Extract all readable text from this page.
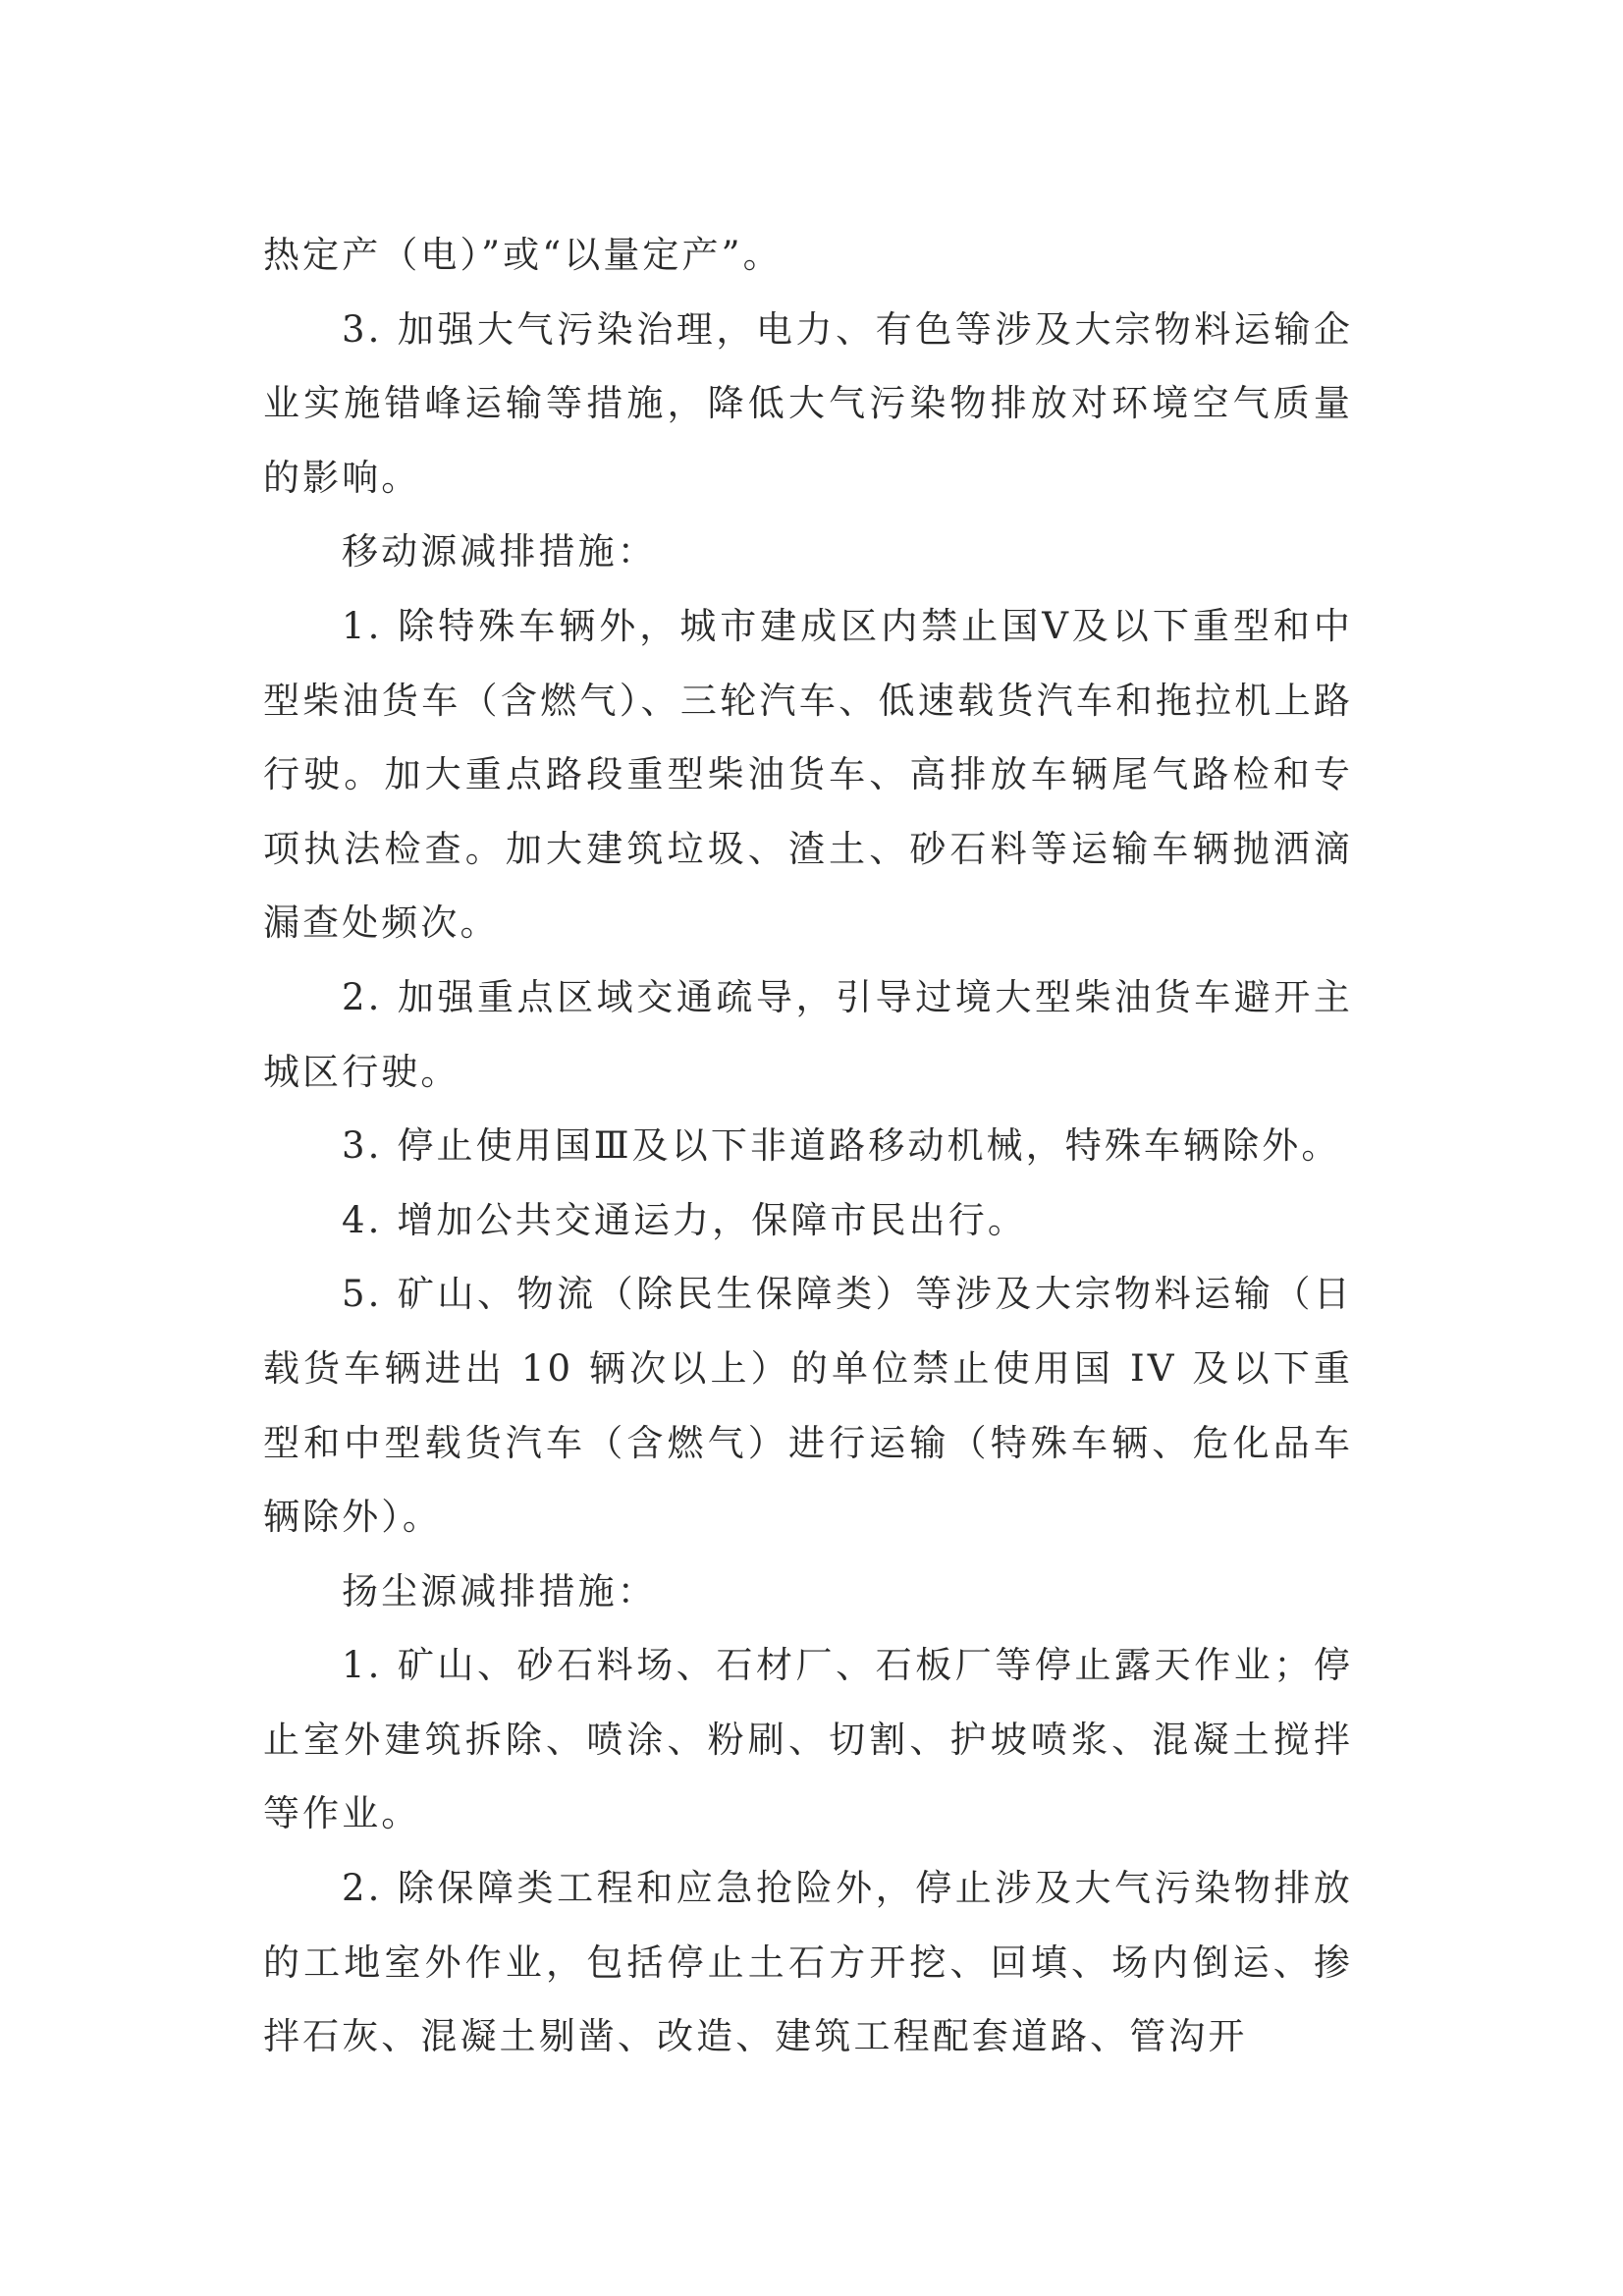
热定产（电）”或“以量定产”。

3. 加强大气污染治理，电力、有色等涉及大宗物料运输企业实施错峰运输等措施，降低大气污染物排放对环境空气质量的影响。

移动源减排措施：

1. 除特殊车辆外，城市建成区内禁止国Ⅴ及以下重型和中型柴油货车（含燃气）、三轮汽车、低速载货汽车和拖拉机上路行驶。加大重点路段重型柴油货车、高排放车辆尾气路检和专项执法检查。加大建筑垃圾、渣土、砂石料等运输车辆抛洒滴漏查处频次。

2. 加强重点区域交通疏导，引导过境大型柴油货车避开主城区行驶。

3. 停止使用国Ⅲ及以下非道路移动机械，特殊车辆除外。

4. 增加公共交通运力，保障市民出行。

5. 矿山、物流（除民生保障类）等涉及大宗物料运输（日载货车辆进出 10 辆次以上）的单位禁止使用国 IV 及以下重型和中型载货汽车（含燃气）进行运输（特殊车辆、危化品车辆除外）。

扬尘源减排措施：

1. 矿山、砂石料场、石材厂、石板厂等停止露天作业；停止室外建筑拆除、喷涂、粉刷、切割、护坡喷浆、混凝土搅拌等作业。

2. 除保障类工程和应急抢险外，停止涉及大气污染物排放的工地室外作业，包括停止土石方开挖、回填、场内倒运、掺拌石灰、混凝土剔凿、改造、建筑工程配套道路、管沟开
